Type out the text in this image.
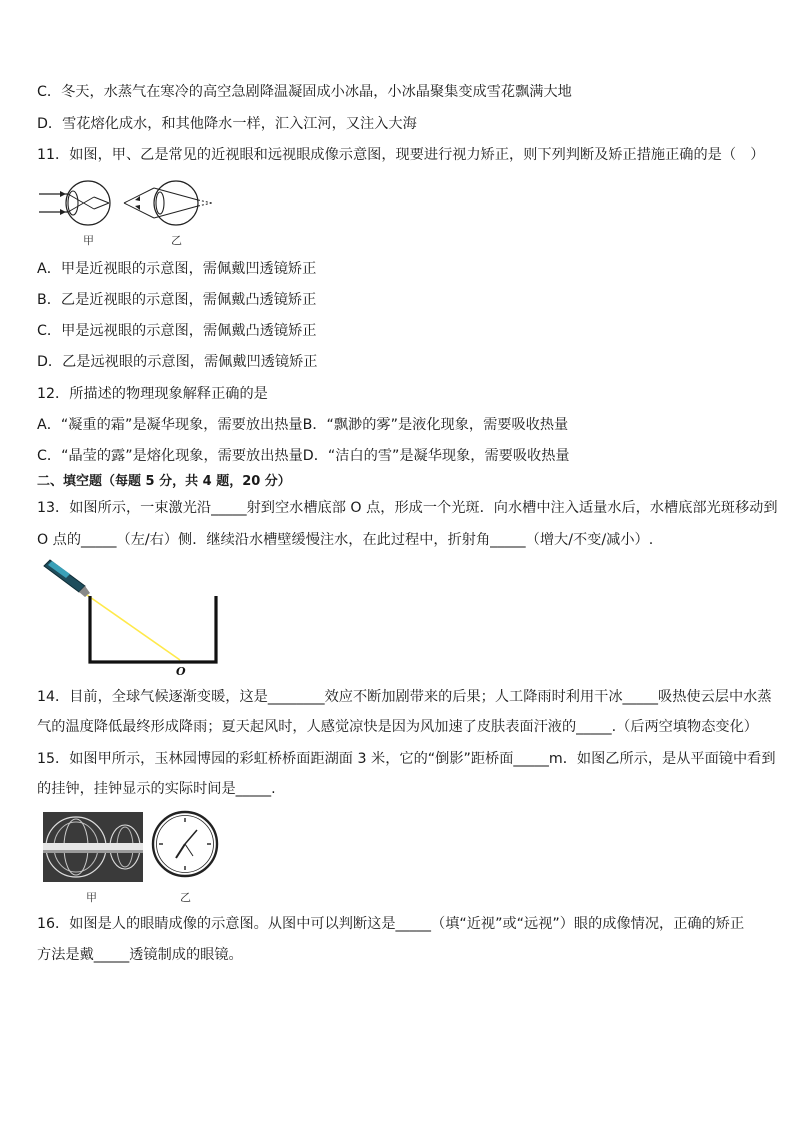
C．冬天，水蒸气在寒冷的高空急剧降温凝固成小冰晶，小冰晶聚集变成雪花飘满大地
D．雪花熔化成水，和其他降水一样，汇入江河，又注入大海
11．如图，甲、乙是常见的近视眼和远视眼成像示意图，现要进行视力矫正，则下列判断及矫正措施正确的是（　）
甲	乙
A．甲是近视眼的示意图，需佩戴凹透镜矫正
B．乙是近视眼的示意图，需佩戴凸透镜矫正
C．甲是远视眼的示意图，需佩戴凸透镜矫正
D．乙是远视眼的示意图，需佩戴凹透镜矫正
12．所描述的物理现象解释正确的是
A．“凝重的霜”是凝华现象，需要放出热量B．“飘渺的雾”是液化现象，需要吸收热量
C．“晶莹的露”是熔化现象，需要放出热量D．“洁白的雪”是凝华现象，需要吸收热量
二、填空题（每题 5 分，共 4 题，20 分）
13．如图所示，一束激光沿_____射到空水槽底部 O 点，形成一个光斑．向水槽中注入适量水后，水槽底部光斑移动到
O 点的_____（左/右）侧．继续沿水槽壁缓慢注水，在此过程中，折射角_____（增大/不变/减小）.
O
14．目前，全球气候逐渐变暖，这是________效应不断加剧带来的后果；人工降雨时利用干冰_____吸热使云层中水蒸
气的温度降低最终形成降雨；夏天起风时，人感觉凉快是因为风加速了皮肤表面汗液的_____.（后两空填物态变化）
15．如图甲所示，玉林园博园的彩虹桥桥面距湖面 3 米，它的“倒影”距桥面_____m．如图乙所示，是从平面镜中看到
的挂钟，挂钟显示的实际时间是_____.
甲	乙
16．如图是人的眼睛成像的示意图。从图中可以判断这是_____（填“近视”或“远视”）眼的成像情况，正确的矫正
方法是戴_____透镜制成的眼镜。
